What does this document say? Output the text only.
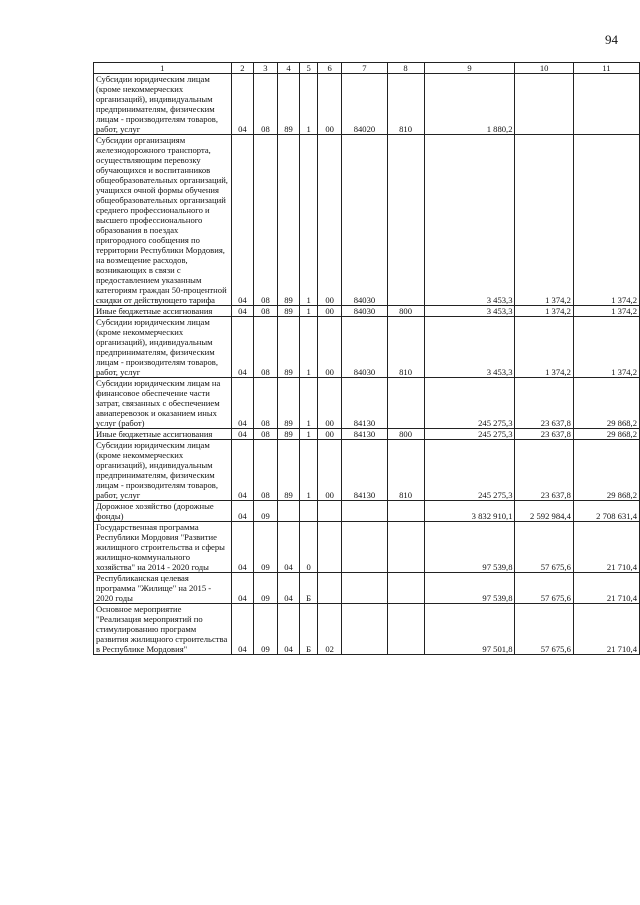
94
1	2	3	4	5	6	7	8	9	10	11
Субсидии юридическим лицам (кроме некоммерческих организаций), индивидуальным предпринимателям, физическим лицам - производителям товаров, работ, услуг	04	08	89	1	00	84020	810	1 880,2		
Субсидии организациям железнодорожного транспорта, осуществляющим перевозку обучающихся и воспитанников общеобразовательных организаций, учащихся очной формы обучения общеобразовательных организаций среднего профессионального и высшего профессионального образования в поездах пригородного сообщения по территории Республики Мордовия, на возмещение расходов, возникающих в связи с предоставлением указанным категориям граждан 50-процентной скидки от действующего тарифа	04	08	89	1	00	84030		3 453,3	1 374,2	1 374,2
Иные бюджетные ассигнования	04	08	89	1	00	84030	800	3 453,3	1 374,2	1 374,2
Субсидии юридическим лицам (кроме некоммерческих организаций), индивидуальным предпринимателям, физическим лицам - производителям товаров, работ, услуг	04	08	89	1	00	84030	810	3 453,3	1 374,2	1 374,2
Субсидии юридическим лицам на финансовое обеспечение части затрат, связанных с обеспечением авиаперевозок и оказанием иных услуг (работ)	04	08	89	1	00	84130		245 275,3	23 637,8	29 868,2
Иные бюджетные ассигнования	04	08	89	1	00	84130	800	245 275,3	23 637,8	29 868,2
Субсидии юридическим лицам (кроме некоммерческих организаций), индивидуальным предпринимателям, физическим лицам - производителям товаров, работ, услуг	04	08	89	1	00	84130	810	245 275,3	23 637,8	29 868,2
Дорожное хозяйство (дорожные фонды)	04	09						3 832 910,1	2 592 984,4	2 708 631,4
Государственная программа Республики Мордовия "Развитие жилищного строительства и сферы жилищно-коммунального хозяйства" на 2014 - 2020 годы	04	09	04	0				97 539,8	57 675,6	21 710,4
Республиканская целевая программа "Жилище" на 2015 - 2020 годы	04	09	04	Б				97 539,8	57 675,6	21 710,4
Основное мероприятие "Реализация мероприятий по стимулированию программ развития жилищного строительства в Республике Мордовия"	04	09	04	Б	02			97 501,8	57 675,6	21 710,4
